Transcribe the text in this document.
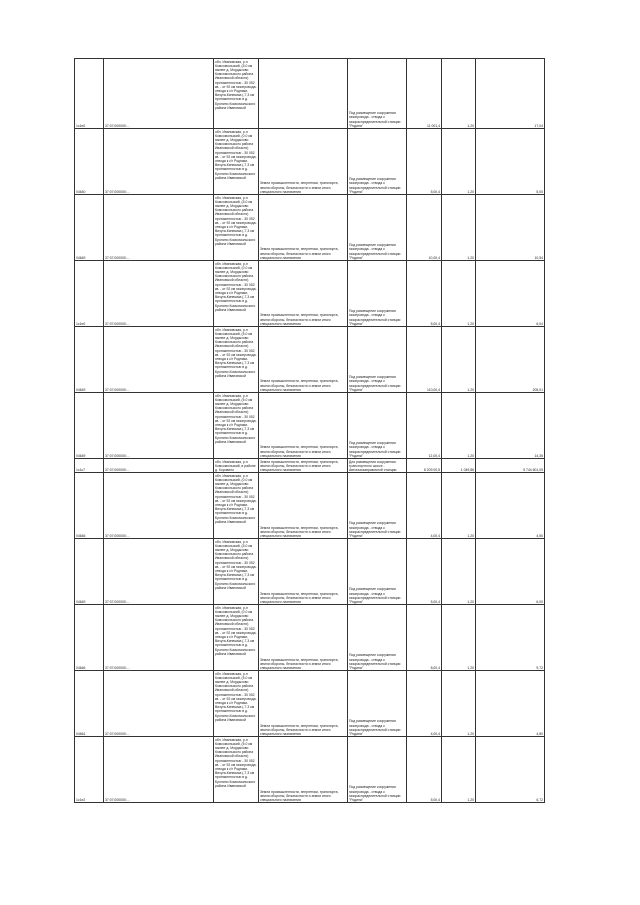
1c1e0	37:07:000000:...	обл. Ивановская, р-н Комсомольский, (5.0 км южнее д. Мордыхово Комсомольского района Ивановской области) протяженностью - 30 052 кв. - от 92 км газопровода-отвода к с/г Родники-Вичуга-Кинешма (-7,3 км протяженностью в д. Бронино Комсомольского района Ивановской		Под размещение сооружения газопровода - отвода к газораспределительной станции "Родина"	11 001,4	1,20	17,04

04640	37:07:000000:...	обл. Ивановская, р-н Комсомольский, (0.0 км южнее д. Мордыхово Комсомольского района Ивановской области) протяженностью - 30 052 кв. - от 92 км газопровода-отвода к с/г Родники-Вичуга-Кинешма (-7,3 км протяженностью в д. Бронино Комсомольского района Ивановской	Земли промышленности, энергетики, транспорта, земли обороны, безопасности и земли иного специального назначения	Под размещение сооружения газопровода - отвода к газораспределительной станции "Родина"	5,00,4	1,20	5,00

04649	37:07:000000:...	обл. Ивановская, р-н Комсомольский, (5.0 км южнее д. Мордыхово Комсомольского района Ивановской области) протяженностью - 30 052 кв. - от 92 км газопровода-отвода к с/г Родники-Вичуга-Кинешма (-7,3 км протяженностью в д. Бронино Комсомольского района Ивановской	Земли промышленности, энергетики, транспорта, земли обороны, безопасности и земли иного специального назначения	Под размещение сооружения газопровода - отвода к газораспределительной станции "Родина"	10,00,4	1,20	10,54

1c1e0	37:07:000000:...	обл. Ивановская, р-н Комсомольский, (0.0 км южнее д. Мордыхово Комсомольского района Ивановской области) протяженностью - 30 052 кв. - от 92 км газопровода-отвода к с/г Родники-Вичуга-Кинешма (-7,3 км протяженностью в д. Бронино Комсомольского района Ивановской	Земли промышленности, энергетики, транспорта, земли обороны, безопасности и земли иного специального назначения	Под размещение сооружения газопровода - отвода к газораспределительной станции "Родина"	5,00,4	1,20	6,04

04649	37:07:000000:...	обл. Ивановская, р-н Комсомольский, (5.0 км южнее д. Мордыхово Комсомольского района Ивановской области) протяженностью - 30 052 кв. - от 92 км газопровода-отвода к с/г Родники-Вичуга-Кинешма (-7,3 км протяженностью в д. Бронино Комсомольского района Ивановской	Земли промышленности, энергетики, транспорта, земли обороны, безопасности и земли иного специального назначения	Под размещение сооружения газопровода - отвода к газораспределительной станции "Родина"	110,00,4	1,20	205,01

04649	37:07:000000:...	обл. Ивановская, р-н Комсомольский, (5.0 км южнее д. Мордыхово Комсомольского района Ивановской области) протяженностью - 30 052 кв. - от 92 км газопровода-отвода к с/г Родники-Вичуга-Кинешма (-7,3 км протяженностью в д. Бронино Комсомольского района Ивановской	Земли промышленности, энергетики, транспорта, земли обороны, безопасности и земли иного специального назначения	Под размещение сооружения газопровода - отвода к газораспределительной станции "Родина"	12,00,4	1,20	14,35

1c1c7	37:07:000000:...	обл. Ивановская, р-н Комсомольский, в районе д. Коровино	Земли промышленности, энергетики, транспорта, земли обороны, безопасности и земли иного специального назначения	Для размещения сооружения транспортного шоссе - Автогазозаправочной станции	8 209 00,5	1 049,86	5 744 601,05

04646	37:07:000000:...	обл. Ивановская, р-н Комсомольский, (0.0 км южнее д. Мордыхово Комсомольского района Ивановской области) протяженностью - 30 052 кв. - от 92 км газопровода-отвода к с/г Родники-Вичуга-Кинешма (-7,3 км протяженностью в д. Бронино Комсомольского района Ивановской	Земли промышленности, энергетики, транспорта, земли обороны, безопасности и земли иного специального назначения	Под размещение сооружения газопровода - отвода к газораспределительной станции "Родина"	4,00,4	1,20	4,50

04649	37:07:000000:...	обл. Ивановская, р-н Комсомольский, (5.0 км южнее д. Мордыхово Комсомольского района Ивановской области) протяженностью - 30 052 кв. - от 92 км газопровода-отвода к с/г Родники-Вичуга-Кинешма (-7,3 км протяженностью в д. Бронино Комсомольского района Ивановской	Земли промышленности, энергетики, транспорта, земли обороны, безопасности и земли иного специального назначения	Под размещение сооружения газопровода - отвода к газораспределительной станции "Родина"	5,00,4	1,20	6,00

04646	37:07:000000:...	обл. Ивановская, р-н Комсомольский, (0.0 км южнее д. Мордыхово Комсомольского района Ивановской области) протяженностью - 30 052 кв. - от 92 км газопровода-отвода к с/г Родники-Вичуга-Кинешма (-7,3 км протяженностью в д. Бронино Комсомольского района Ивановской	Земли промышленности, энергетики, транспорта, земли обороны, безопасности и земли иного специального назначения	Под размещение сооружения газопровода - отвода к газораспределительной станции "Родина"	8,00,4	1,20	9,72

04661	37:07:000000:...	обл. Ивановская, р-н Комсомольский, (5.0 км южнее д. Мордыхово Комсомольского района Ивановской области) протяженностью - 30 052 кв. - от 92 км газопровода-отвода к с/г Родники-Вичуга-Кинешма (-7,3 км протяженностью в д. Бронино Комсомольского района Ивановской	Земли промышленности, энергетики, транспорта, земли обороны, безопасности и земли иного специального назначения	Под размещение сооружения газопровода - отвода к газораспределительной станции "Родина"	4,00,4	1,20	4,80

1c1e2	37:07:000000:...	обл. Ивановская, р-н Комсомольский, (5.0 км южнее д. Мордыхово Комсомольского района Ивановской области) протяженностью - 30 052 кв. - от 92 км газопровода-отвода к с/г Родники-Вичуга-Кинешма (-7,3 км протяженностью в д. Бронино Комсомольского района Ивановской	Земли промышленности, энергетики, транспорта, земли обороны, безопасности и земли иного специального назначения	Под размещение сооружения газопровода - отвода к газораспределительной станции "Родина"	5,00,4	1,20	6,72
